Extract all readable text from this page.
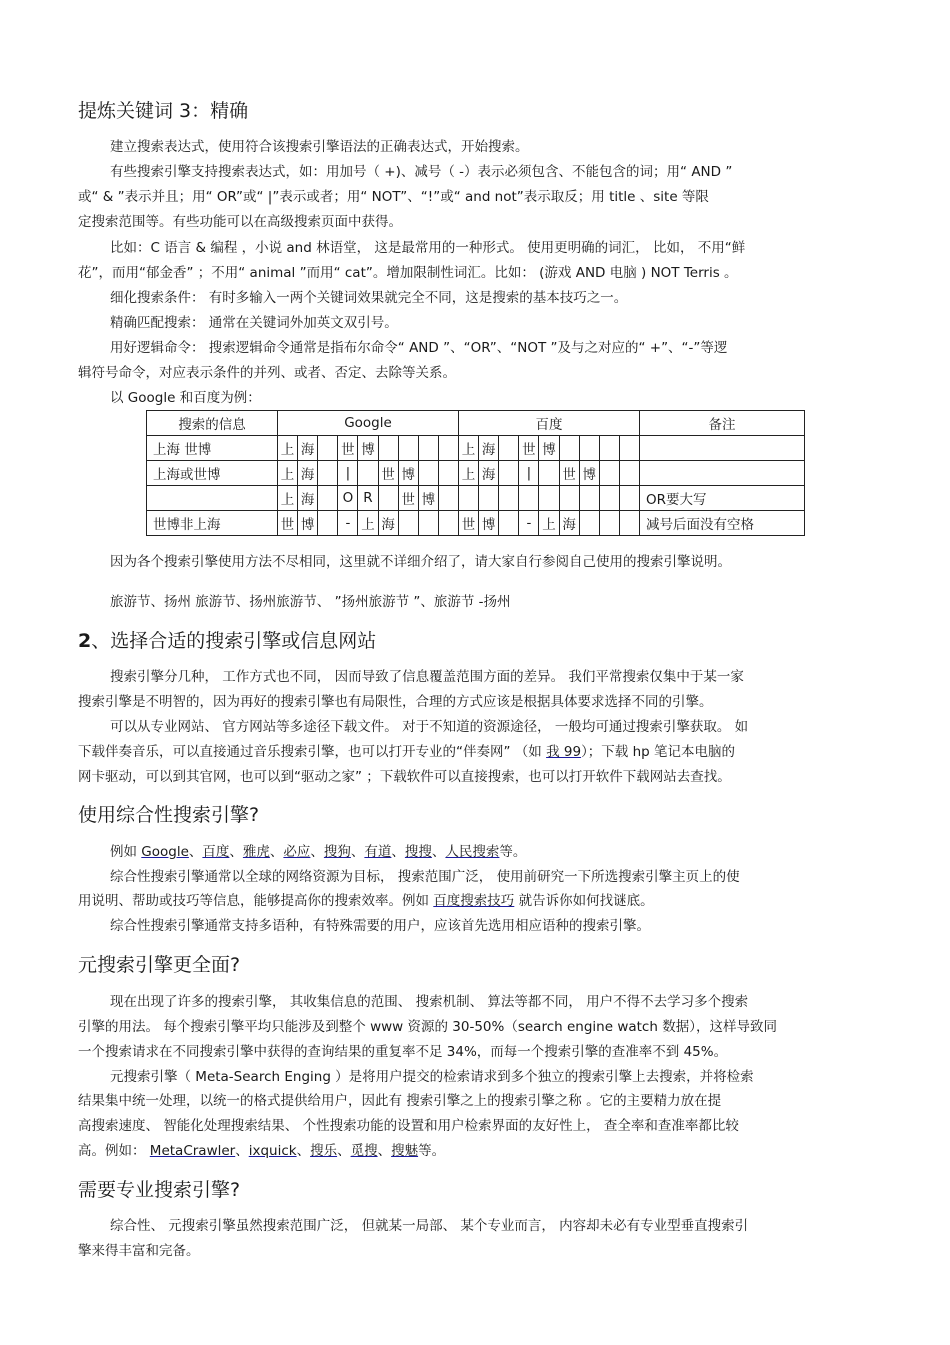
提炼关键词 3：精确
建立搜索表达式，使用符合该搜索引擎语法的正确表达式，开始搜索。
有些搜索引擎支持搜索表达式，如：用加号（ +)、减号（ -）表示必须包含、不能包含的词；用“ AND ”
或“ & ”表示并且；用“ OR”或“ |”表示或者；用“ NOT”、“!”或“ and not”表示取反；用 title 、site 等限
定搜索范围等。有些功能可以在高级搜索页面中获得。
比如：C 语言 & 编程 ，小说 and 林语堂， 这是最常用的一种形式。 使用更明确的词汇， 比如， 不用“鲜
花”，而用“郁金香” ；不用“ animal ”而用“ cat”。增加限制性词汇。比如： (游戏 AND 电脑 ) NOT Terris 。
细化搜索条件： 有时多输入一两个关键词效果就完全不同，这是搜索的基本技巧之一。
精确匹配搜索： 通常在关键词外加英文双引号。
用好逻辑命令： 搜索逻辑命令通常是指布尔命令“ AND ”、“OR”、“NOT ”及与之对应的“ +”、“-”等逻
辑符号命令，对应表示条件的并列、或者、否定、去除等关系。
以 Google 和百度为例：
搜索的信息	Google									百度									备注
上海 世博	上	海		世	博					上	海		世	博					
上海或世博	上	海		|		世	博			上	海		|		世	博			
	上	海		O	R		世	博											OR要大写
世博非上海	世	博		-	上	海				世	博		-	上	海				减号后面没有空格
因为各个搜索引擎使用方法不尽相同，这里就不详细介绍了，请大家自行参阅自己使用的搜索引擎说明。
旅游节、扬州 旅游节、扬州旅游节、 ”扬州旅游节 ”、旅游节 -扬州
2、选择合适的搜索引擎或信息网站
搜索引擎分几种， 工作方式也不同， 因而导致了信息覆盖范围方面的差异。 我们平常搜索仅集中于某一家
搜索引擎是不明智的，因为再好的搜索引擎也有局限性，合理的方式应该是根据具体要求选择不同的引擎。
可以从专业网站、 官方网站等多途径下载文件。 对于不知道的资源途径， 一般均可通过搜索引擎获取。 如
下载伴奏音乐，可以直接通过音乐搜索引擎，也可以打开专业的“伴奏网” （如 我 99）；下载 hp 笔记本电脑的
网卡驱动，可以到其官网，也可以到“驱动之家” ；下载软件可以直接搜索，也可以打开软件下载网站去查找。
使用综合性搜索引擎?
例如 Google、百度、雅虎、必应、搜狗、有道、搜搜、人民搜索等。
综合性搜索引擎通常以全球的网络资源为目标， 搜索范围广泛， 使用前研究一下所选搜索引擎主页上的使
用说明、帮助或技巧等信息，能够提高你的搜索效率。例如 百度搜索技巧 就告诉你如何找谜底。
综合性搜索引擎通常支持多语种，有特殊需要的用户，应该首先选用相应语种的搜索引擎。
元搜索引擎更全面?
现在出现了许多的搜索引擎， 其收集信息的范围、 搜索机制、 算法等都不同， 用户不得不去学习多个搜索
引擎的用法。 每个搜索引擎平均只能涉及到整个 www 资源的 30-50%（search engine watch 数据），这样导致同
一个搜索请求在不同搜索引擎中获得的查询结果的重复率不足 34%，而每一个搜索引擎的查准率不到 45%。
元搜索引擎（ Meta-Search Enging ）是将用户提交的检索请求到多个独立的搜索引擎上去搜索，并将检索
结果集中统一处理，以统一的格式提供给用户，因此有 搜索引擎之上的搜索引擎之称 。它的主要精力放在提
高搜索速度、 智能化处理搜索结果、 个性搜索功能的设置和用户检索界面的友好性上， 查全率和查准率都比较
高。例如： MetaCrawler、ixquick、搜乐、觅搜、搜魅等。
需要专业搜索引擎?
综合性、 元搜索引擎虽然搜索范围广泛， 但就某一局部、 某个专业而言， 内容却未必有专业型垂直搜索引
擎来得丰富和完备。
